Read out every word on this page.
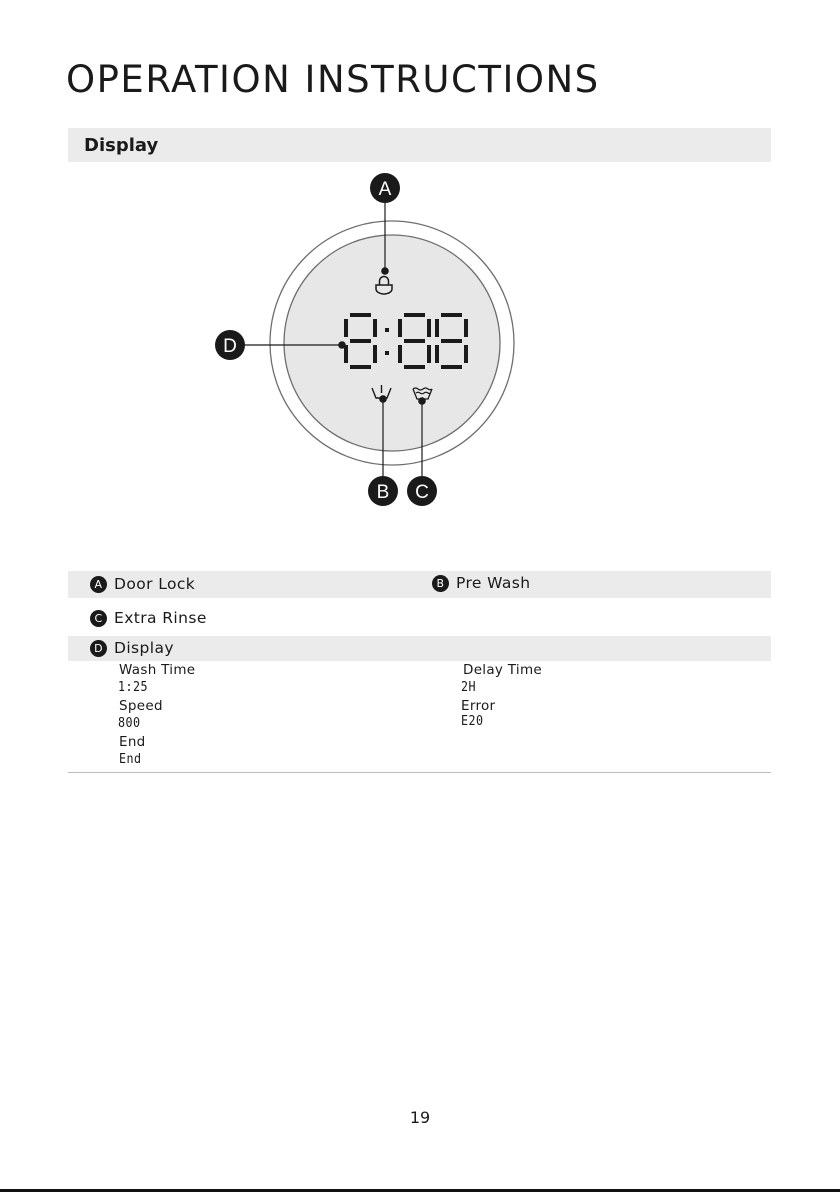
OPERATION INSTRUCTIONS
Display
A
D
B C
A Door Lock	B Pre Wash
C Extra Rinse
D Display
Wash Time
1:25
Delay Time
2H
Speed
800
Error
E20
End
End
19
